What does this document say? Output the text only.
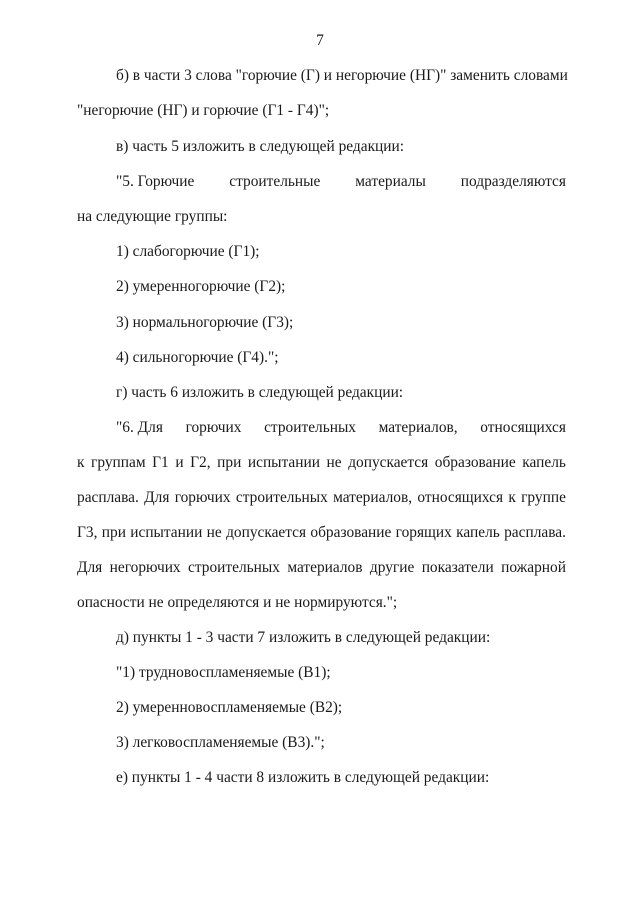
7
б) в части 3 слова "горючие (Г) и негорючие (НГ)" заменить словами
"негорючие (НГ) и горючие (Г1 - Г4)";
в) часть 5 изложить в следующей редакции:
"5. Горючие строительные материалы подразделяются
на следующие группы:
1) слабогорючие (Г1);
2) умеренногорючие (Г2);
3) нормальногорючие (Г3);
4) сильногорючие (Г4).";
г) часть 6 изложить в следующей редакции:
"6. Для горючих строительных материалов, относящихся
к группам Г1 и Г2, при испытании не допускается образование капель
расплава. Для горючих строительных материалов, относящихся к группе
Г3, при испытании не допускается образование горящих капель расплава.
Для негорючих строительных материалов другие показатели пожарной
опасности не определяются и не нормируются.";
д) пункты 1 - 3 части 7 изложить в следующей редакции:
"1) трудновоспламеняемые (В1);
2) умеренновоспламеняемые (В2);
3) легковоспламеняемые (В3).";
е) пункты 1 - 4 части 8 изложить в следующей редакции:
